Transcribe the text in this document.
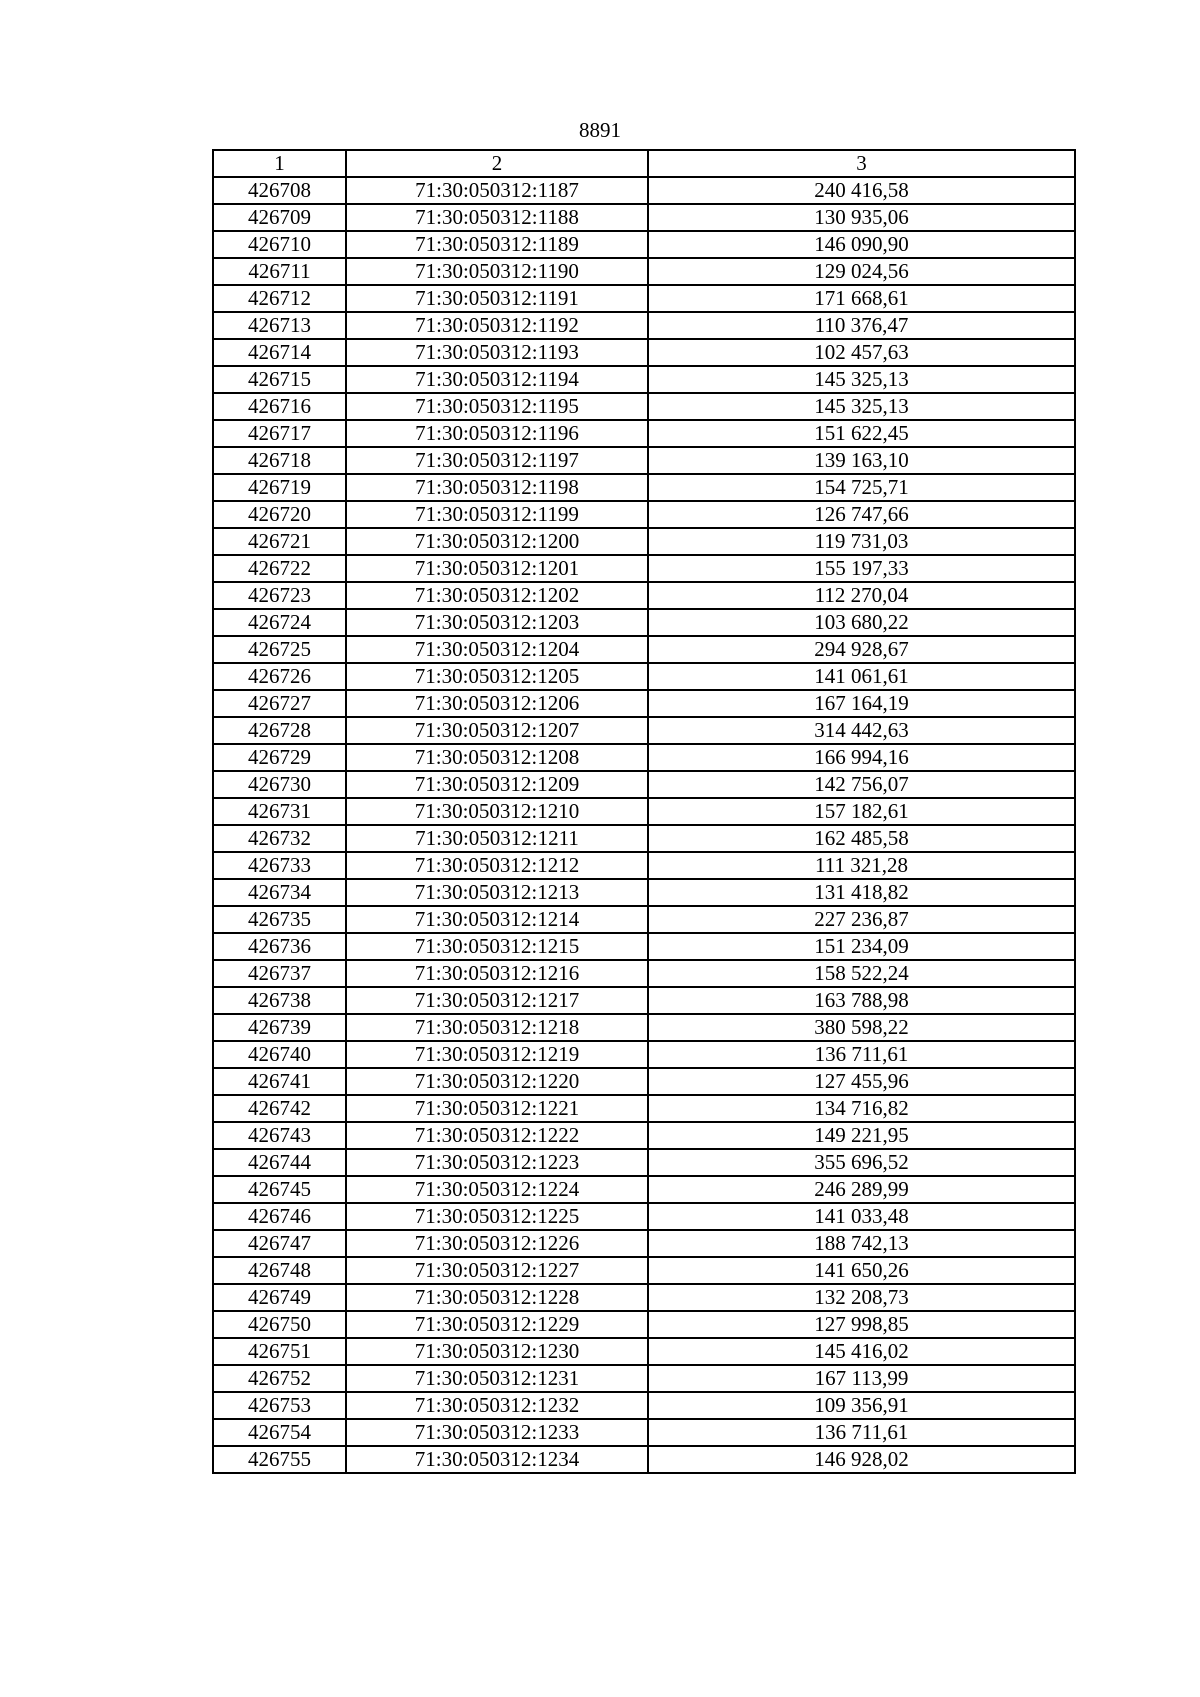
8891
1	2	3
426708	71:30:050312:1187	240 416,58
426709	71:30:050312:1188	130 935,06
426710	71:30:050312:1189	146 090,90
426711	71:30:050312:1190	129 024,56
426712	71:30:050312:1191	171 668,61
426713	71:30:050312:1192	110 376,47
426714	71:30:050312:1193	102 457,63
426715	71:30:050312:1194	145 325,13
426716	71:30:050312:1195	145 325,13
426717	71:30:050312:1196	151 622,45
426718	71:30:050312:1197	139 163,10
426719	71:30:050312:1198	154 725,71
426720	71:30:050312:1199	126 747,66
426721	71:30:050312:1200	119 731,03
426722	71:30:050312:1201	155 197,33
426723	71:30:050312:1202	112 270,04
426724	71:30:050312:1203	103 680,22
426725	71:30:050312:1204	294 928,67
426726	71:30:050312:1205	141 061,61
426727	71:30:050312:1206	167 164,19
426728	71:30:050312:1207	314 442,63
426729	71:30:050312:1208	166 994,16
426730	71:30:050312:1209	142 756,07
426731	71:30:050312:1210	157 182,61
426732	71:30:050312:1211	162 485,58
426733	71:30:050312:1212	111 321,28
426734	71:30:050312:1213	131 418,82
426735	71:30:050312:1214	227 236,87
426736	71:30:050312:1215	151 234,09
426737	71:30:050312:1216	158 522,24
426738	71:30:050312:1217	163 788,98
426739	71:30:050312:1218	380 598,22
426740	71:30:050312:1219	136 711,61
426741	71:30:050312:1220	127 455,96
426742	71:30:050312:1221	134 716,82
426743	71:30:050312:1222	149 221,95
426744	71:30:050312:1223	355 696,52
426745	71:30:050312:1224	246 289,99
426746	71:30:050312:1225	141 033,48
426747	71:30:050312:1226	188 742,13
426748	71:30:050312:1227	141 650,26
426749	71:30:050312:1228	132 208,73
426750	71:30:050312:1229	127 998,85
426751	71:30:050312:1230	145 416,02
426752	71:30:050312:1231	167 113,99
426753	71:30:050312:1232	109 356,91
426754	71:30:050312:1233	136 711,61
426755	71:30:050312:1234	146 928,02
